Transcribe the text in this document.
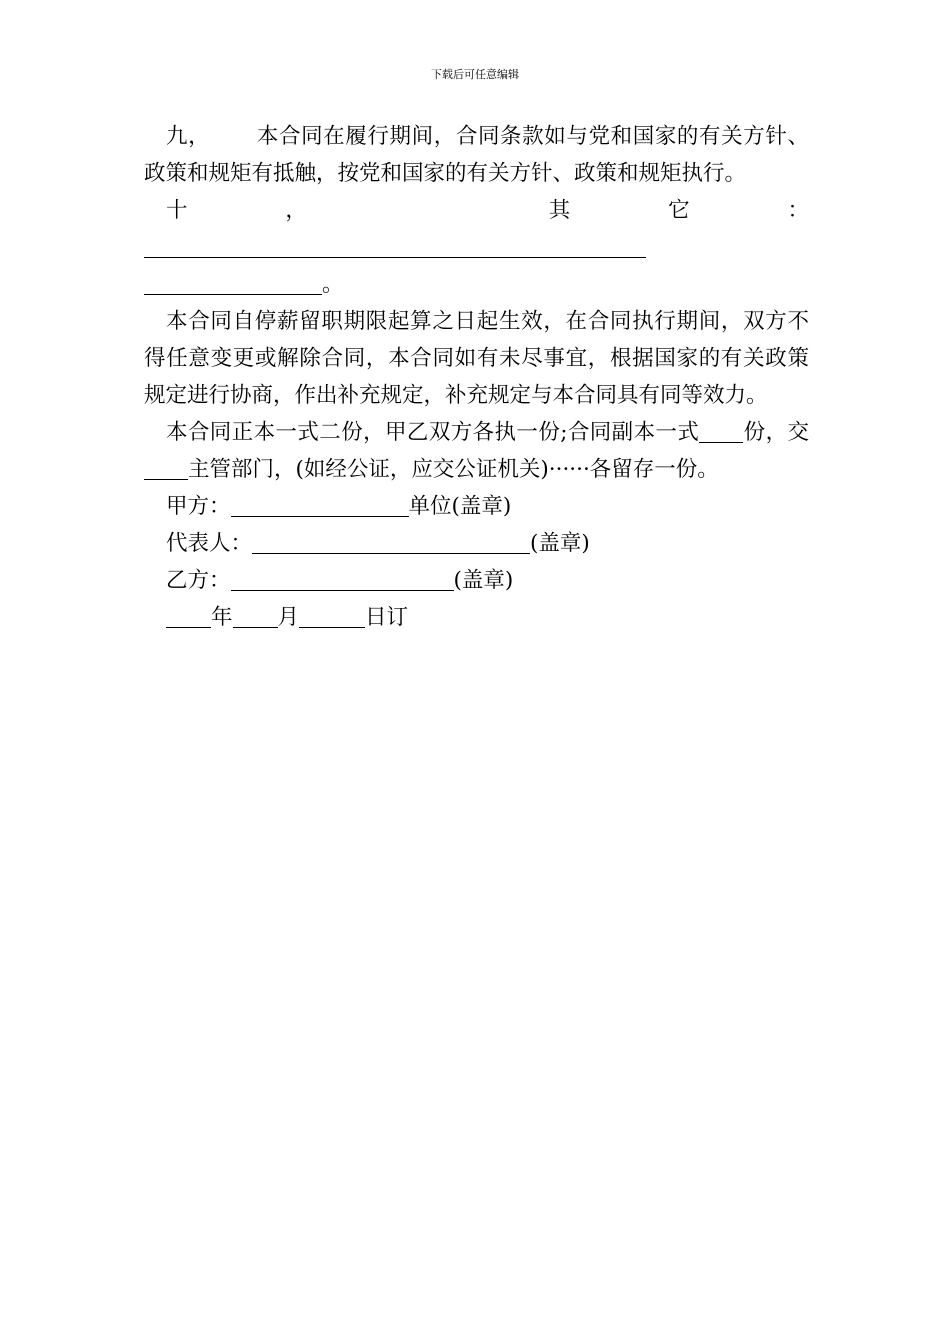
下载后可任意编辑

九， 本合同在履行期间，合同条款如与党和国家的有关方针、政策和规矩有抵触，按党和国家的有关方针、政策和规矩执行。

十， 其它：
。

本合同自停薪留职期限起算之日起生效，在合同执行期间，双方不得任意变更或解除合同，本合同如有未尽事宜，根据国家的有关政策规定进行协商，作出补充规定，补充规定与本合同具有同等效力。

本合同正本一式二份，甲乙双方各执一份;合同副本一式 份，交主管部门，(如经公证，应交公证机关)······各留存一份。

甲方：	单位(盖章)

代表人：	(盖章)

乙方：	(盖章)

年 月	日订
